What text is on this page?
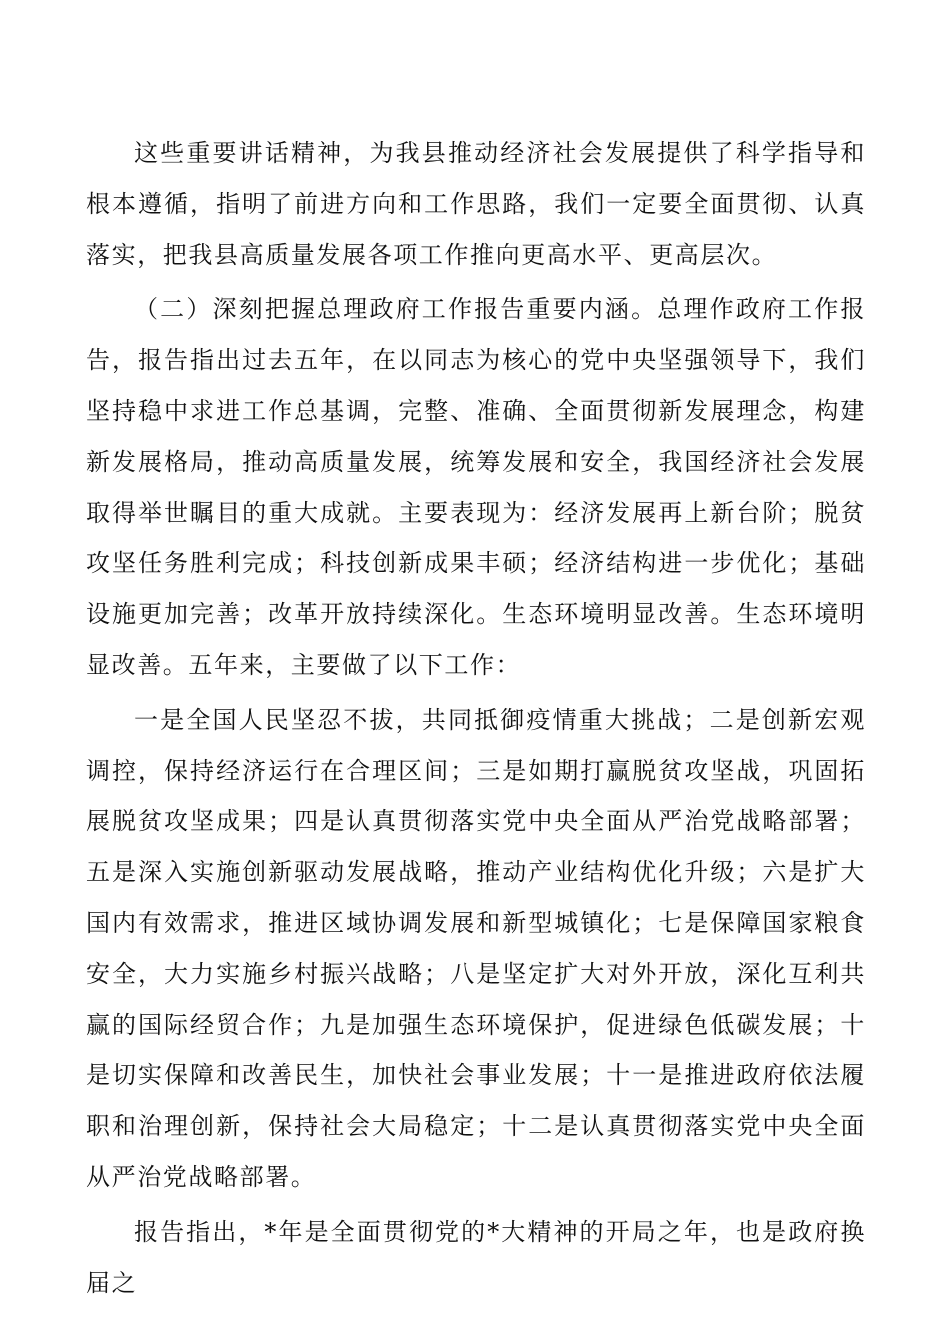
这些重要讲话精神，为我县推动经济社会发展提供了科学指导和根本遵循，指明了前进方向和工作思路，我们一定要全面贯彻、认真落实，把我县高质量发展各项工作推向更高水平、更高层次。

（二）深刻把握总理政府工作报告重要内涵。总理作政府工作报告，报告指出过去五年，在以同志为核心的党中央坚强领导下，我们坚持稳中求进工作总基调，完整、准确、全面贯彻新发展理念，构建新发展格局，推动高质量发展，统筹发展和安全，我国经济社会发展取得举世瞩目的重大成就。主要表现为：经济发展再上新台阶；脱贫攻坚任务胜利完成；科技创新成果丰硕；经济结构进一步优化；基础设施更加完善；改革开放持续深化。生态环境明显改善。生态环境明显改善。五年来，主要做了以下工作：

一是全国人民坚忍不拔，共同抵御疫情重大挑战；二是创新宏观调控，保持经济运行在合理区间；三是如期打赢脱贫攻坚战，巩固拓展脱贫攻坚成果；四是认真贯彻落实党中央全面从严治党战略部署；五是深入实施创新驱动发展战略，推动产业结构优化升级；六是扩大国内有效需求，推进区域协调发展和新型城镇化；七是保障国家粮食安全，大力实施乡村振兴战略；八是坚定扩大对外开放，深化互利共赢的国际经贸合作；九是加强生态环境保护，促进绿色低碳发展；十是切实保障和改善民生，加快社会事业发展；十一是推进政府依法履职和治理创新，保持社会大局稳定；十二是认真贯彻落实党中央全面从严治党战略部署。

报告指出，*年是全面贯彻党的*大精神的开局之年，也是政府换届之
